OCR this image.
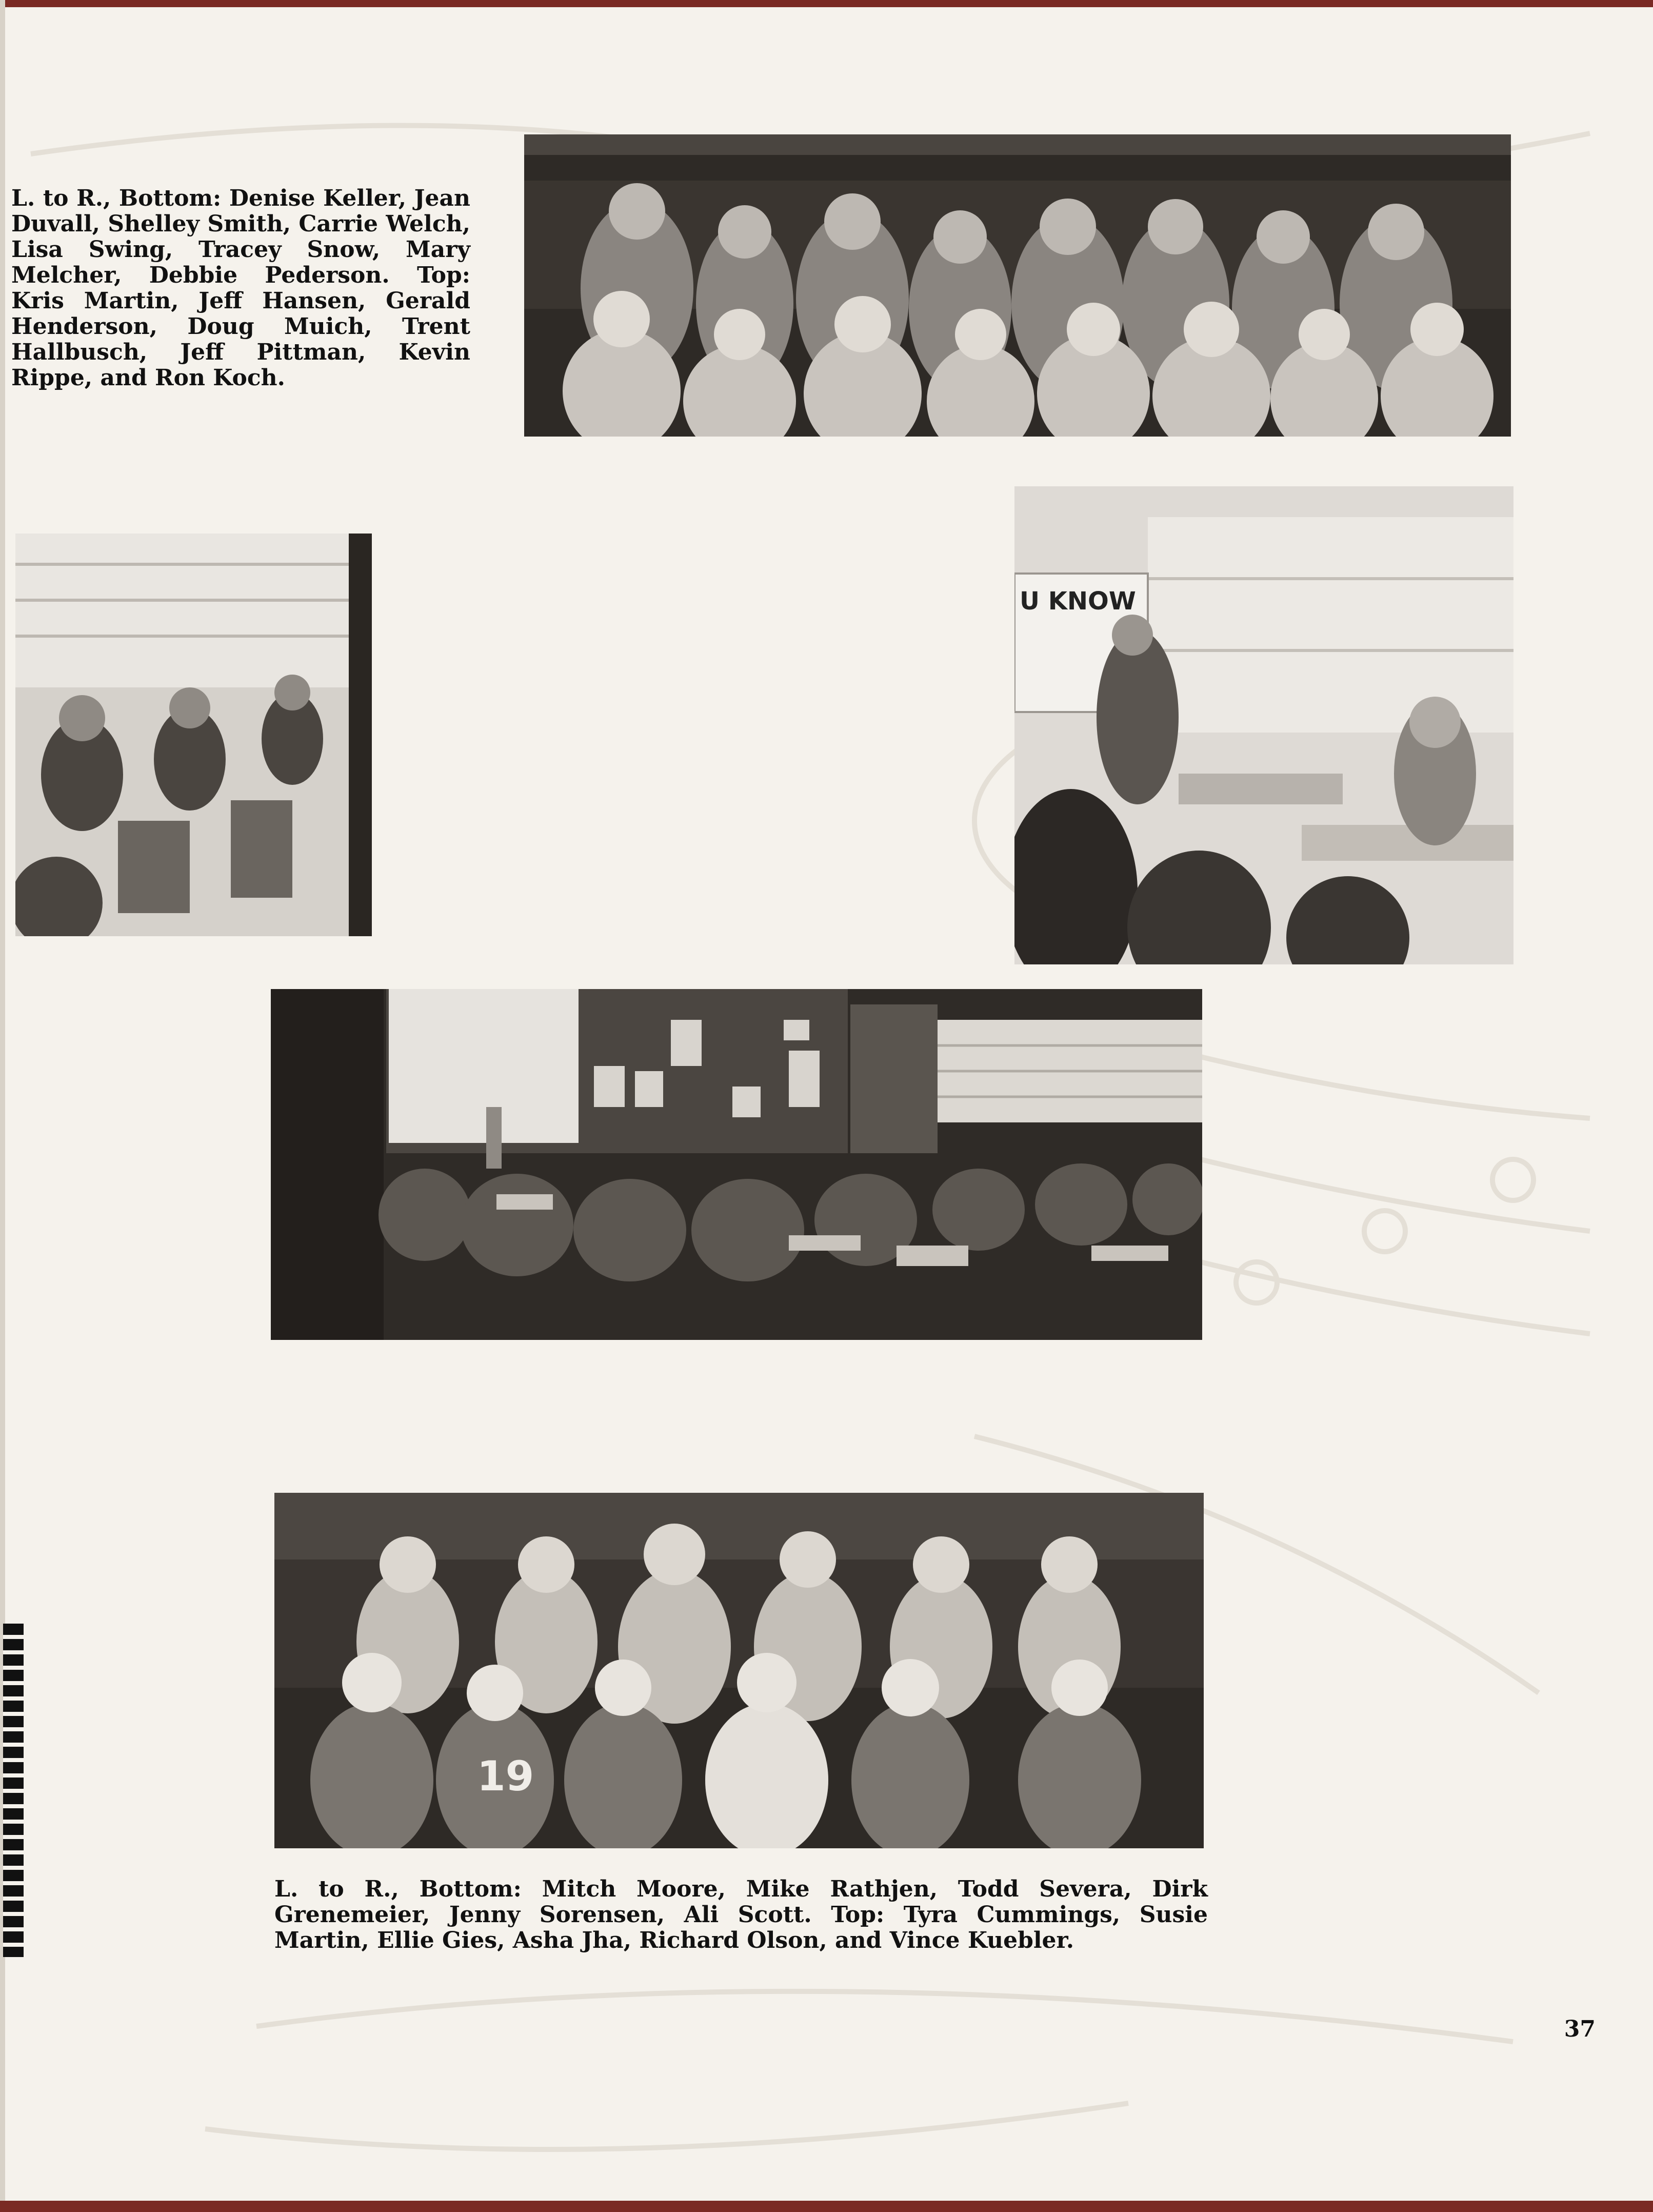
L. to R., Bottom: Denise Keller, Jean Duvall, Shelley Smith, Carrie Welch, Lisa Swing, Tracey Snow, Mary Melcher, Debbie Pederson. Top: Kris Martin, Jeff Hansen, Gerald Henderson, Doug Muich, Trent Hallbusch, Jeff Pittman, Kevin Rippe, and Ron Koch.

U KNOW
19

L. to R., Bottom: Mitch Moore, Mike Rathjen, Todd Severa, Dirk Grenemeier, Jenny Sorensen, Ali Scott. Top: Tyra Cummings, Susie Martin, Ellie Gies, Asha Jha, Richard Olson, and Vince Kuebler.

37
